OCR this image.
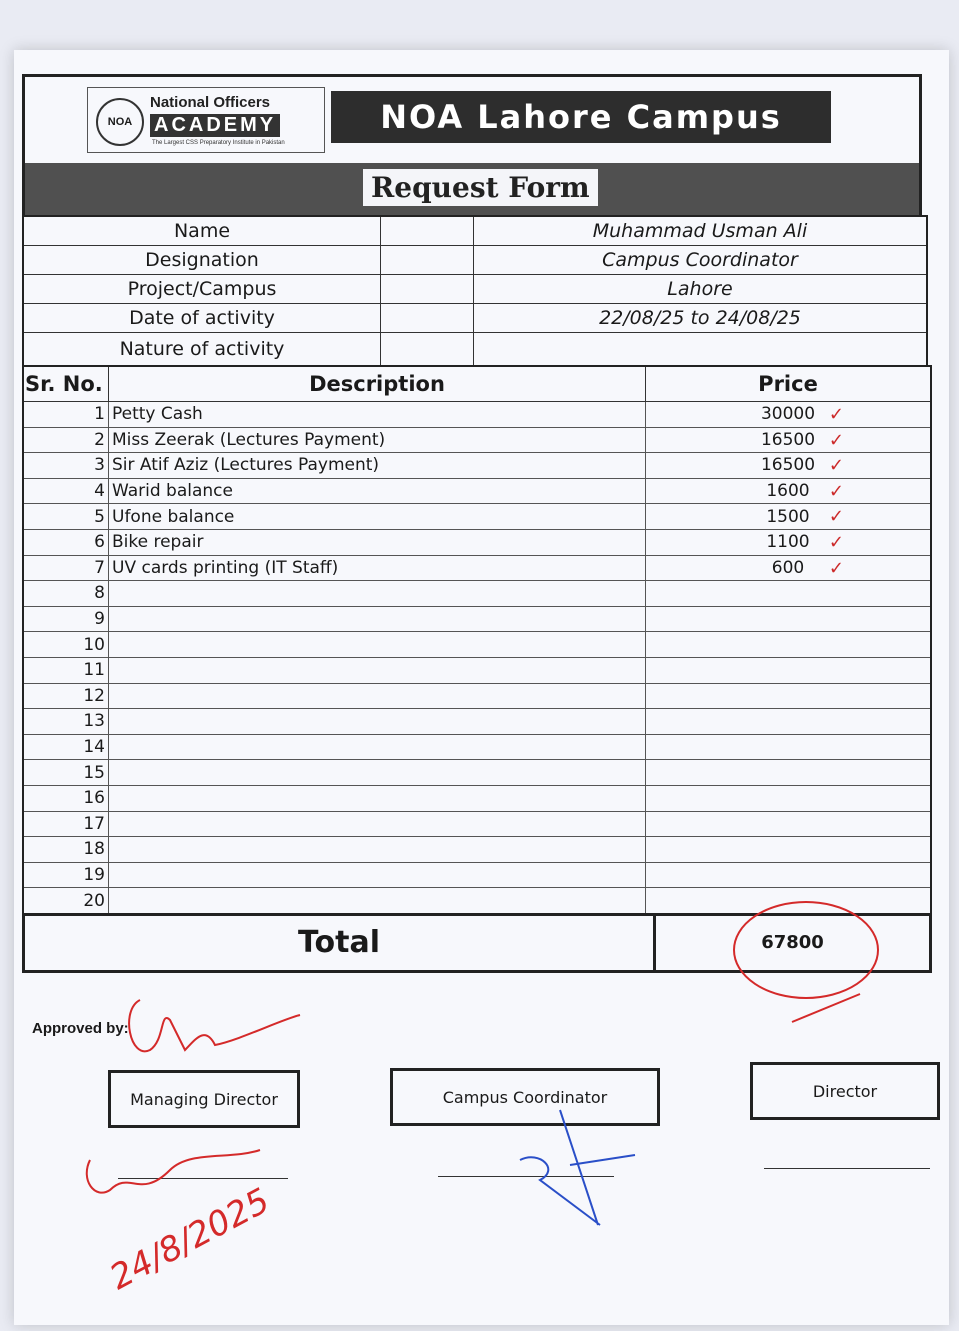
NOA
National Officers
ACADEMY
The Largest CSS Preparatory Institute in Pakistan
NOA Lahore Campus
Request Form
Name		Muhammad Usman Ali
Designation		Campus Coordinator
Project/Campus		Lahore
Date of activity		22/08/25 to 24/08/25
Nature of activity		
Sr. No.	Description	Price
1	Petty Cash	30000 ✓

2	Miss Zeerak (Lectures Payment)	16500 ✓

3	Sir Atif Aziz (Lectures Payment)	16500 ✓

4	Warid balance	1600 ✓

5	Ufone balance	1500 ✓

6	Bike repair	1100 ✓

7	UV cards printing (IT Staff)	600 ✓

8		
9		
10		
11		
12		
13		
14		
15		
16		
17		
18		
19		
20		
Total	67800
Approved by:
Managing Director	Campus Coordinator	Director
24/8/2025
